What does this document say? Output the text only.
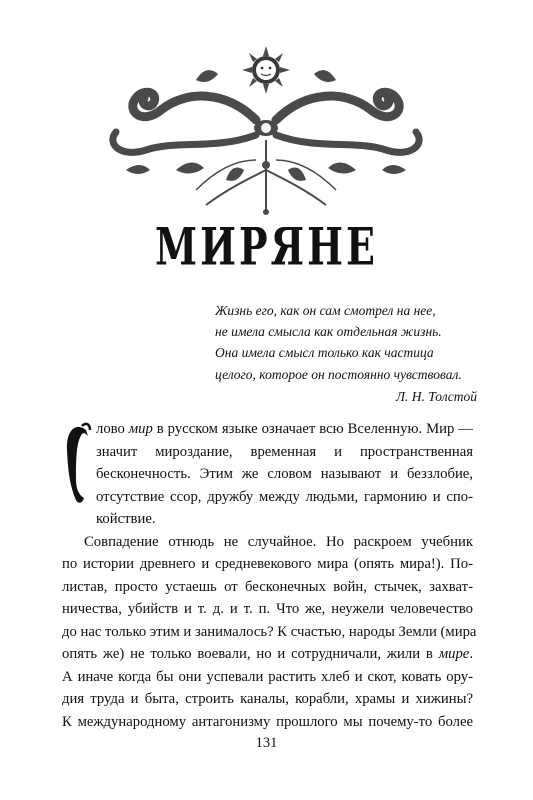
МИРЯНЕ
Жизнь его, как он сам смотрел на нее,
не имела смысла как отдельная жизнь.
Она имела смысл только как частица
целого, которое он постоянно чувствовал.
Л. Н. Толстой
лово мир в русском языке означает всю Вселенную. Мир —
значит мироздание, временная и пространственная
бесконечность. Этим же словом называют и беззлобие,
отсутствие ссор, дружбу между людьми, гармонию и спо-
койствие.
Совпадение отнюдь не случайное. Но раскроем учебник
по истории древнего и средневекового мира (опять мира!). По-
листав, просто устаешь от бесконечных войн, стычек, захват-
ничества, убийств и т. д. и т. п. Что же, неужели человечество
до нас только этим и занималось? К счастью, народы Земли (мира
опять же) не только воевали, но и сотрудничали, жили в мире.
А иначе когда бы они успевали растить хлеб и скот, ковать ору-
дия труда и быта, строить каналы, корабли, храмы и хижины?
К международному антагонизму прошлого мы почему-то более
131
